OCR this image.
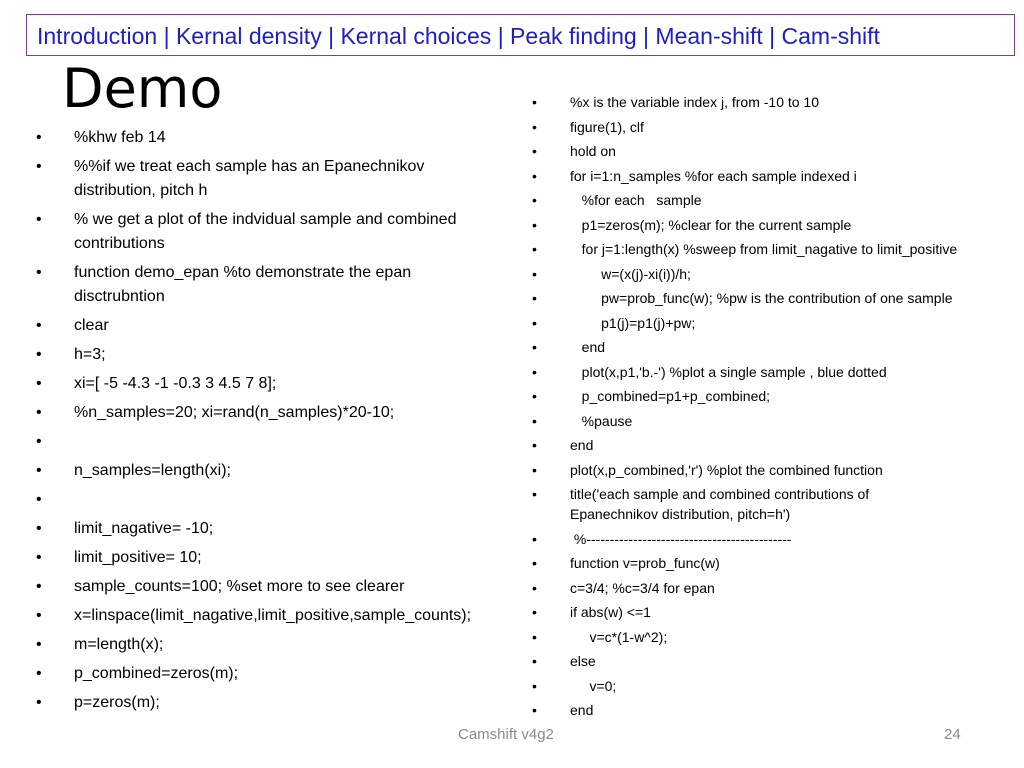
Introduction | Kernal density | Kernal choices | Peak finding | Mean-shift | Cam-shift
Demo
• %khw feb 14
• %%if we treat each sample has an Epanechnikov distribution, pitch h
• % we get a plot of the indvidual sample and combined contributions
• function demo_epan %to demonstrate the epan disctrubntion
• clear
• h=3;
• xi=[ -5 -4.3 -1 -0.3 3 4.5 7 8];
• %n_samples=20; xi=rand(n_samples)*20-10;
•
• n_samples=length(xi);
•
• limit_nagative= -10;
• limit_positive= 10;
• sample_counts=100; %set more to see clearer
• x=linspace(limit_nagative,limit_positive,sample_counts);
• m=length(x);
• p_combined=zeros(m);
• p=zeros(m);
• %x is the variable index j, from -10 to 10
• figure(1), clf
• hold on
• for i=1:n_samples %for each sample indexed i
•    %for each   sample
•    p1=zeros(m); %clear for the current sample
•    for j=1:length(x) %sweep from limit_nagative to limit_positive
•         w=(x(j)-xi(i))/h;
•         pw=prob_func(w); %pw is the contribution of one sample
•         p1(j)=p1(j)+pw;
•    end
•    plot(x,p1,'b.-') %plot a single sample , blue dotted
•    p_combined=p1+p_combined;
•    %pause
• end
• plot(x,p_combined,'r') %plot the combined function
• title('each sample and combined contributions of Epanechnikov distribution, pitch=h')
•  %--------------------------------------------
• function v=prob_func(w)
• c=3/4; %c=3/4 for epan
• if abs(w) <=1
•      v=c*(1-w^2);
• else
•      v=0;
• end
Camshift v4g2	24
